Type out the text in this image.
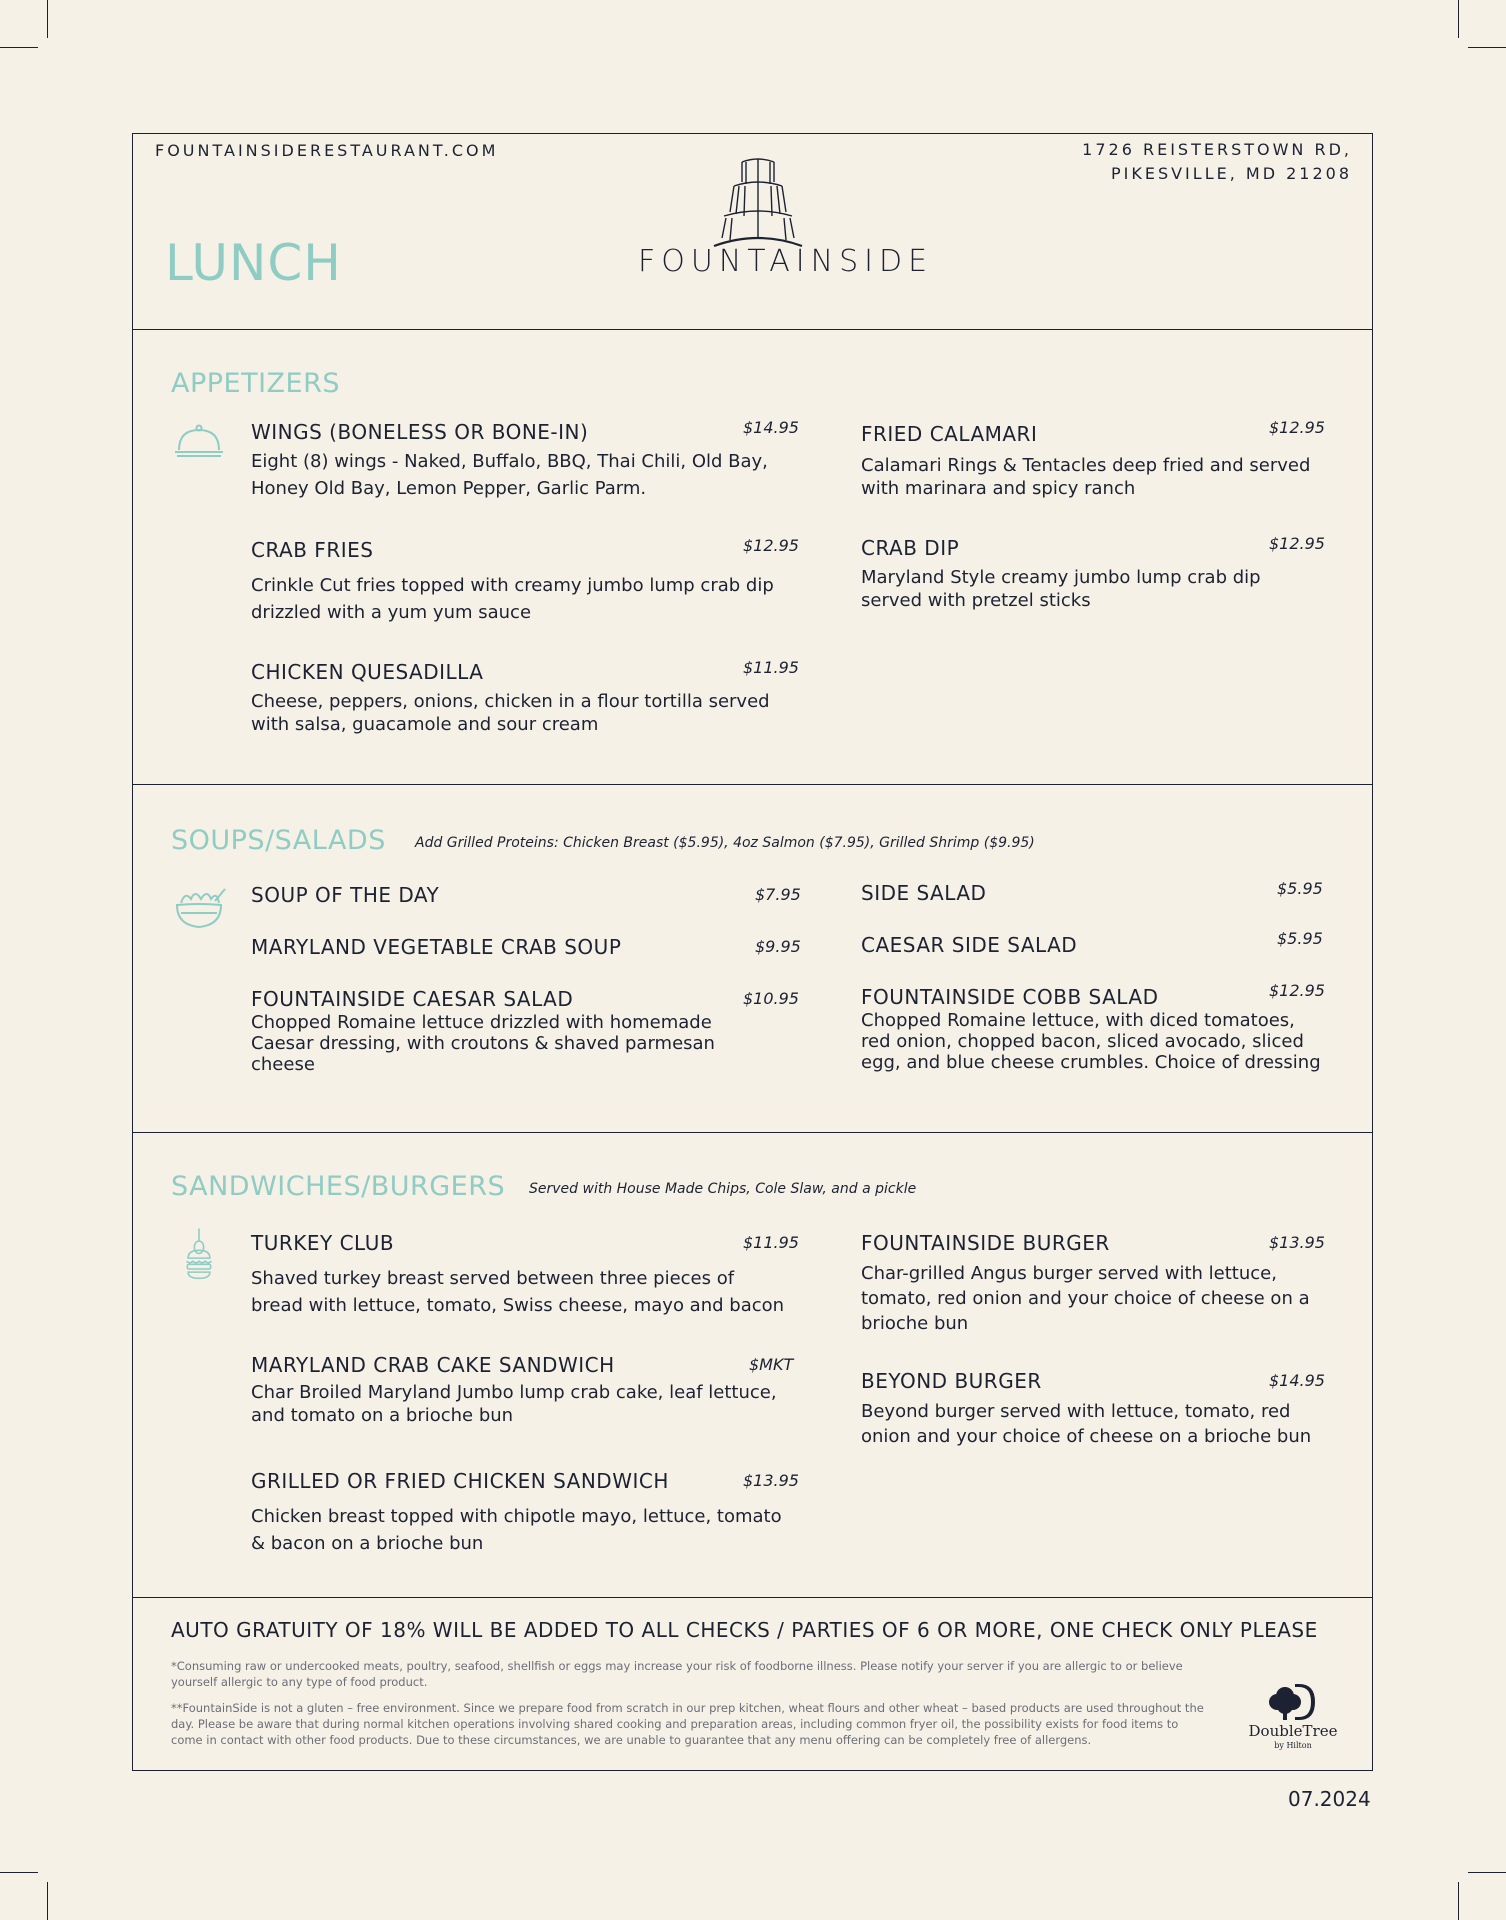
FOUNTAINSIDERESTAURANT.COM	1726 REISTERSTOWN RD,
PIKESVILLE, MD 21208
LUNCH	FOUNTAINSIDE
APPETIZERS
WINGS (BONELESS OR BONE-IN)	$14.95
Eight (8) wings - Naked, Buffalo, BBQ, Thai Chili, Old Bay, Honey Old Bay, Lemon Pepper, Garlic Parm.
CRAB FRIES	$12.95
Crinkle Cut fries topped with creamy jumbo lump crab dip drizzled with a yum yum sauce
CHICKEN QUESADILLA	$11.95
Cheese, peppers, onions, chicken in a flour tortilla served with salsa, guacamole and sour cream
FRIED CALAMARI	$12.95
Calamari Rings & Tentacles deep fried and served with marinara and spicy ranch
CRAB DIP	$12.95
Maryland Style creamy jumbo lump crab dip served with pretzel sticks
SOUPS/SALADS Add Grilled Proteins: Chicken Breast ($5.95), 4oz Salmon ($7.95), Grilled Shrimp ($9.95)
SOUP OF THE DAY	$7.95
MARYLAND VEGETABLE CRAB SOUP	$9.95
FOUNTAINSIDE CAESAR SALAD	$10.95
Chopped Romaine lettuce drizzled with homemade Caesar dressing, with croutons & shaved parmesan cheese
SIDE SALAD	$5.95
CAESAR SIDE SALAD	$5.95
FOUNTAINSIDE COBB SALAD	$12.95
Chopped Romaine lettuce, with diced tomatoes, red onion, chopped bacon, sliced avocado, sliced egg, and blue cheese crumbles. Choice of dressing
SANDWICHES/BURGERS Served with House Made Chips, Cole Slaw, and a pickle
TURKEY CLUB	$11.95
Shaved turkey breast served between three pieces of bread with lettuce, tomato, Swiss cheese, mayo and bacon
MARYLAND CRAB CAKE SANDWICH	$MKT
Char Broiled Maryland Jumbo lump crab cake, leaf lettuce, and tomato on a brioche bun
GRILLED OR FRIED CHICKEN SANDWICH	$13.95
Chicken breast topped with chipotle mayo, lettuce, tomato & bacon on a brioche bun
FOUNTAINSIDE BURGER	$13.95
Char-grilled Angus burger served with lettuce, tomato, red onion and your choice of cheese on a brioche bun
BEYOND BURGER	$14.95
Beyond burger served with lettuce, tomato, red onion and your choice of cheese on a brioche bun
AUTO GRATUITY OF 18% WILL BE ADDED TO ALL CHECKS / PARTIES OF 6 OR MORE, ONE CHECK ONLY PLEASE
*Consuming raw or undercooked meats, poultry, seafood, shellfish or eggs may increase your risk of foodborne illness. Please notify your server if you are allergic to or believe yourself allergic to any type of food product.
**FountainSide is not a gluten – free environment. Since we prepare food from scratch in our prep kitchen, wheat flours and other wheat – based products are used throughout the day. Please be aware that during normal kitchen operations involving shared cooking and preparation areas, including common fryer oil, the possibility exists for food items to come in contact with other food products. Due to these circumstances, we are unable to guarantee that any menu offering can be completely free of allergens.	DoubleTree
by Hilton
07.2024
